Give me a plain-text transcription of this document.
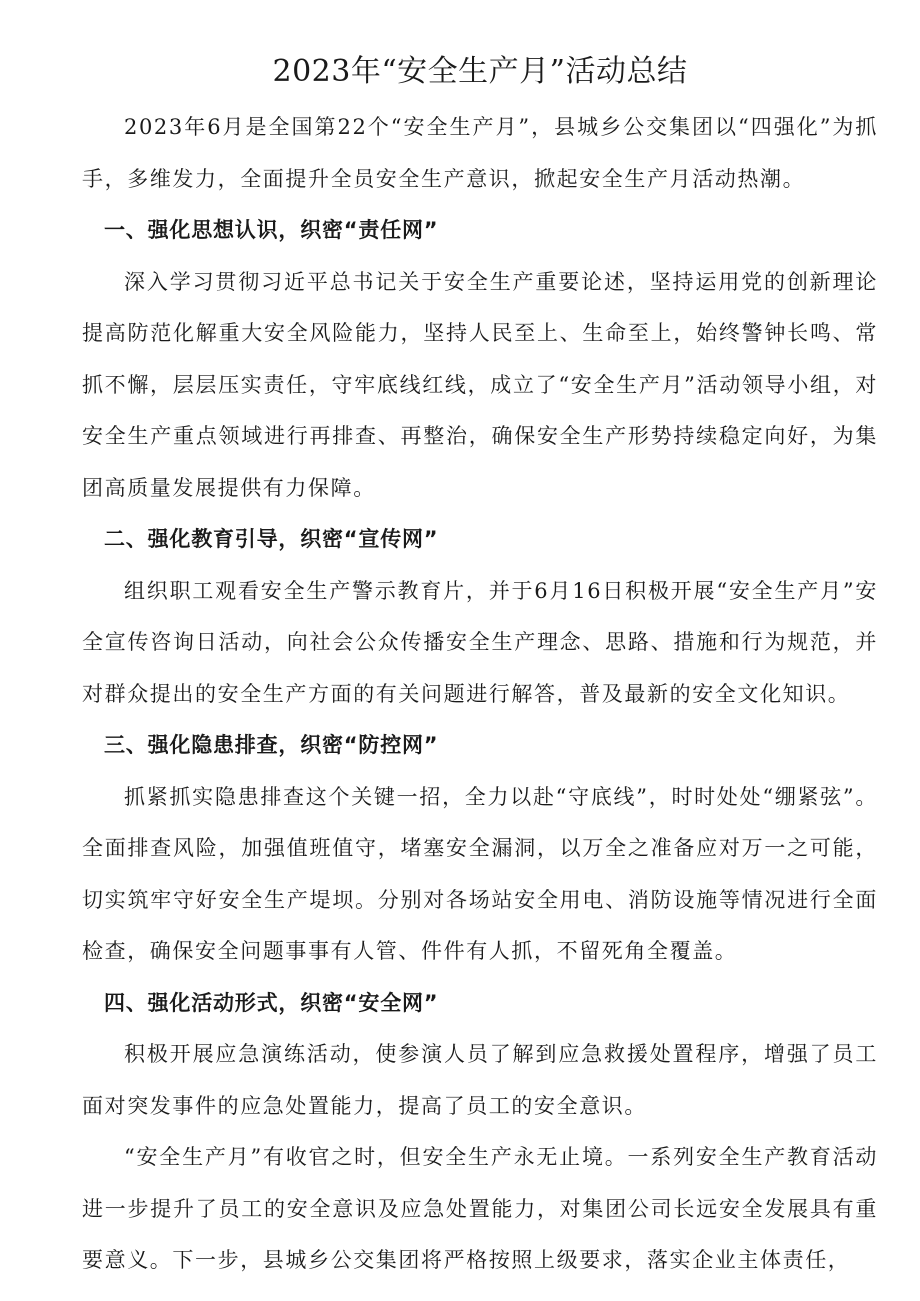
2023年“安全生产月”活动总结

2023年6月是全国第22个“安全生产月”，县城乡公交集团以“四强化”为抓手，多维发力，全面提升全员安全生产意识，掀起安全生产月活动热潮。

一、强化思想认识，织密“责任网”

深入学习贯彻习近平总书记关于安全生产重要论述，坚持运用党的创新理论提高防范化解重大安全风险能力，坚持人民至上、生命至上，始终警钟长鸣、常抓不懈，层层压实责任，守牢底线红线，成立了“安全生产月”活动领导小组，对安全生产重点领域进行再排查、再整治，确保安全生产形势持续稳定向好，为集团高质量发展提供有力保障。

二、强化教育引导，织密“宣传网”

组织职工观看安全生产警示教育片，并于6月16日积极开展“安全生产月”安全宣传咨询日活动，向社会公众传播安全生产理念、思路、措施和行为规范，并对群众提出的安全生产方面的有关问题进行解答，普及最新的安全文化知识。

三、强化隐患排查，织密“防控网”

抓紧抓实隐患排查这个关键一招，全力以赴“守底线”，时时处处“绷紧弦”。全面排查风险，加强值班值守，堵塞安全漏洞，以万全之准备应对万一之可能，切实筑牢守好安全生产堤坝。分别对各场站安全用电、消防设施等情况进行全面检查，确保安全问题事事有人管、件件有人抓，不留死角全覆盖。

四、强化活动形式，织密“安全网”

积极开展应急演练活动，使参演人员了解到应急救援处置程序，增强了员工面对突发事件的应急处置能力，提高了员工的安全意识。

“安全生产月”有收官之时，但安全生产永无止境。一系列安全生产教育活动进一步提升了员工的安全意识及应急处置能力，对集团公司长远安全发展具有重要意义。下一步，县城乡公交集团将严格按照上级要求，落实企业主体责任，
